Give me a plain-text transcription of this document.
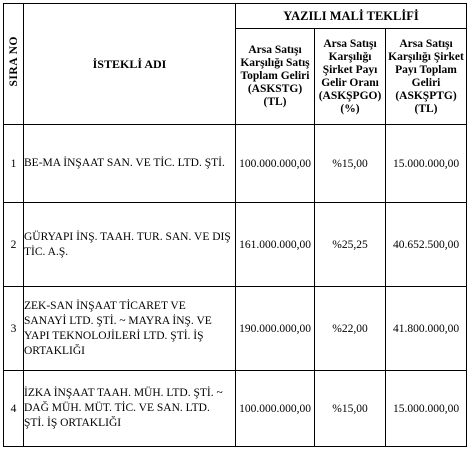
SIRA NO	İSTEKLİ ADI	YAZILI MALİ TEKLİFİ		
		Arsa Satışı Karşılığı Satış Toplam Geliri (ASKSTG) (TL)	Arsa Satışı Karşılığı Şirket Payı Gelir Oranı (ASKŞPGO) (%)	Arsa Satışı Karşılığı Şirket Payı Toplam Geliri (ASKŞPTG) (TL)
1	BE-MA İNŞAAT SAN. VE TİC. LTD. ŞTİ.	100.000.000,00	%15,00	15.000.000,00
2	GÜRYAPI İNŞ. TAAH. TUR. SAN. VE DIŞ
TİC. A.Ş.	161.000.000,00	%25,25	40.652.500,00
3	ZEK-SAN İNŞAAT TİCARET VE
SANAYİ LTD. ŞTİ. ~ MAYRA İNŞ. VE
YAPI TEKNOLOJİLERİ LTD. ŞTİ. İŞ
ORTAKLIĞI	190.000.000,00	%22,00	41.800.000,00
4	İZKA İNŞAAT TAAH. MÜH. LTD. ŞTİ. ~
DAĞ MÜH. MÜT. TİC. VE SAN. LTD.
ŞTİ. İŞ ORTAKLIĞI	100.000.000,00	%15,00	15.000.000,00
